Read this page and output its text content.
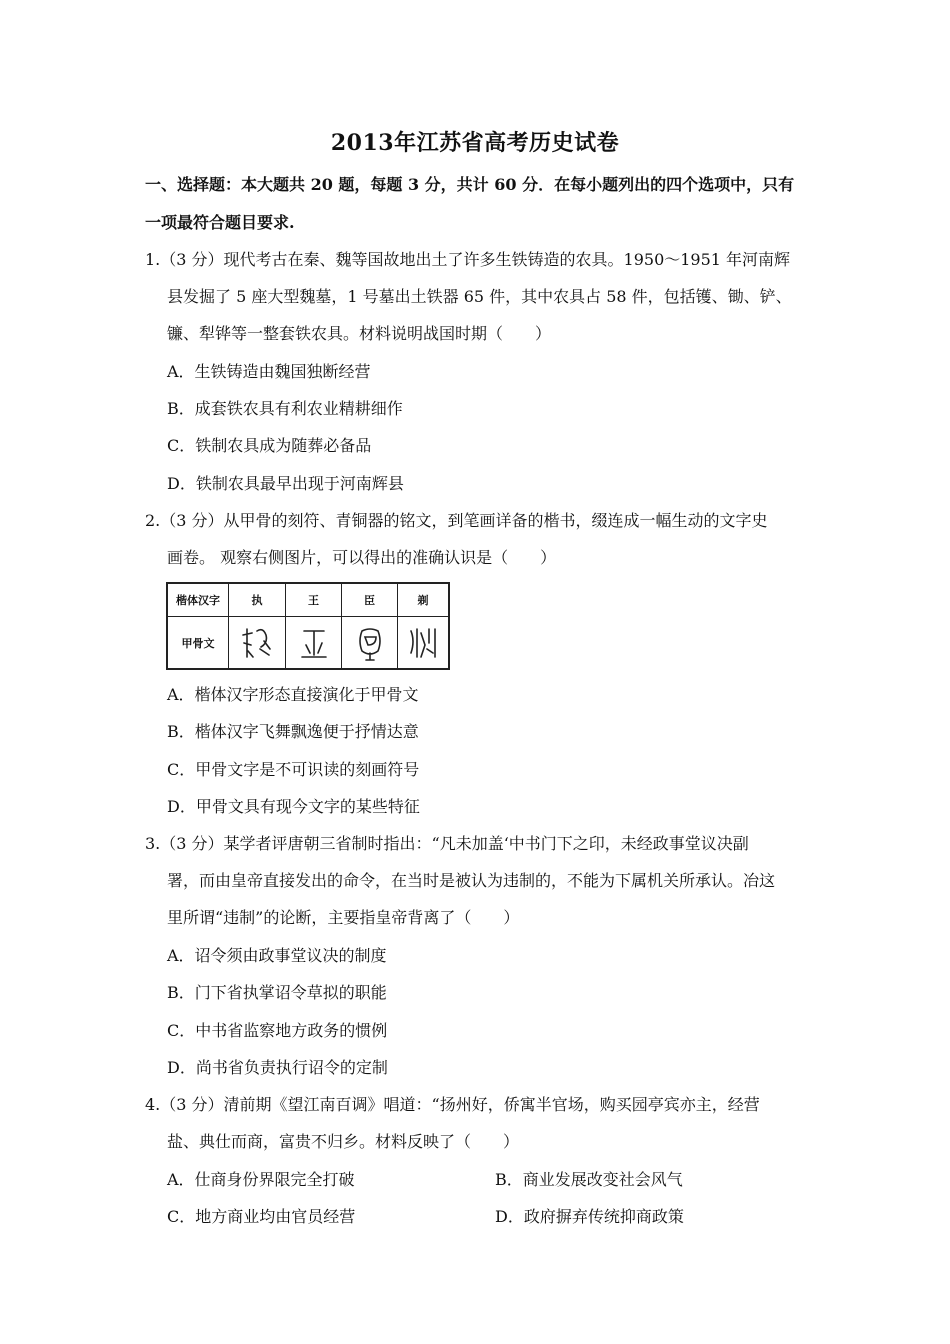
2013年江苏省高考历史试卷
一、选择题：本大题共 20 题，每题 3 分，共计 60 分．在每小题列出的四个选项中，只有
一项最符合题目要求.
1.（3 分）现代考古在秦、魏等国故地出土了许多生铁铸造的农具。1950～1951 年河南辉
县发掘了 5 座大型魏墓，1 号墓出土铁器 65 件，其中农具占 58 件，包括镬、锄、铲、
镰、犁铧等一整套铁农具。材料说明战国时期（　　）
A．生铁铸造由魏国独断经营
B．成套铁农具有利农业精耕细作
C．铁制农具成为随葬必备品
D．铁制农具最早出现于河南辉县
2.（3 分）从甲骨的刻符、青铜器的铭文，到笔画详备的楷书，缀连成一幅生动的文字史
画卷。 观察右侧图片，可以得出的准确认识是（　　）
楷体汉字	执	王	臣	剃
甲骨文
A．楷体汉字形态直接演化于甲骨文
B．楷体汉字飞舞飘逸便于抒情达意
C．甲骨文字是不可识读的刻画符号
D．甲骨文具有现今文字的某些特征
3.（3 分）某学者评唐朝三省制时指出：“凡未加盖‘中书门下之印，未经政事堂议决副
署，而由皇帝直接发出的命令，在当时是被认为违制的，不能为下属机关所承认。冶这
里所谓“违制”的论断，主要指皇帝背离了（　　）
A．诏令须由政事堂议决的制度
B．门下省执掌诏令草拟的职能
C．中书省监察地方政务的惯例
D．尚书省负责执行诏令的定制
4.（3 分）清前期《望江南百调》唱道：“扬州好，侨寓半官场，购买园亭宾亦主，经营
盐、典仕而商，富贵不归乡。材料反映了（　　）
A．仕商身份界限完全打破	B．商业发展改变社会风气
C．地方商业均由官员经营	D．政府摒弃传统抑商政策
